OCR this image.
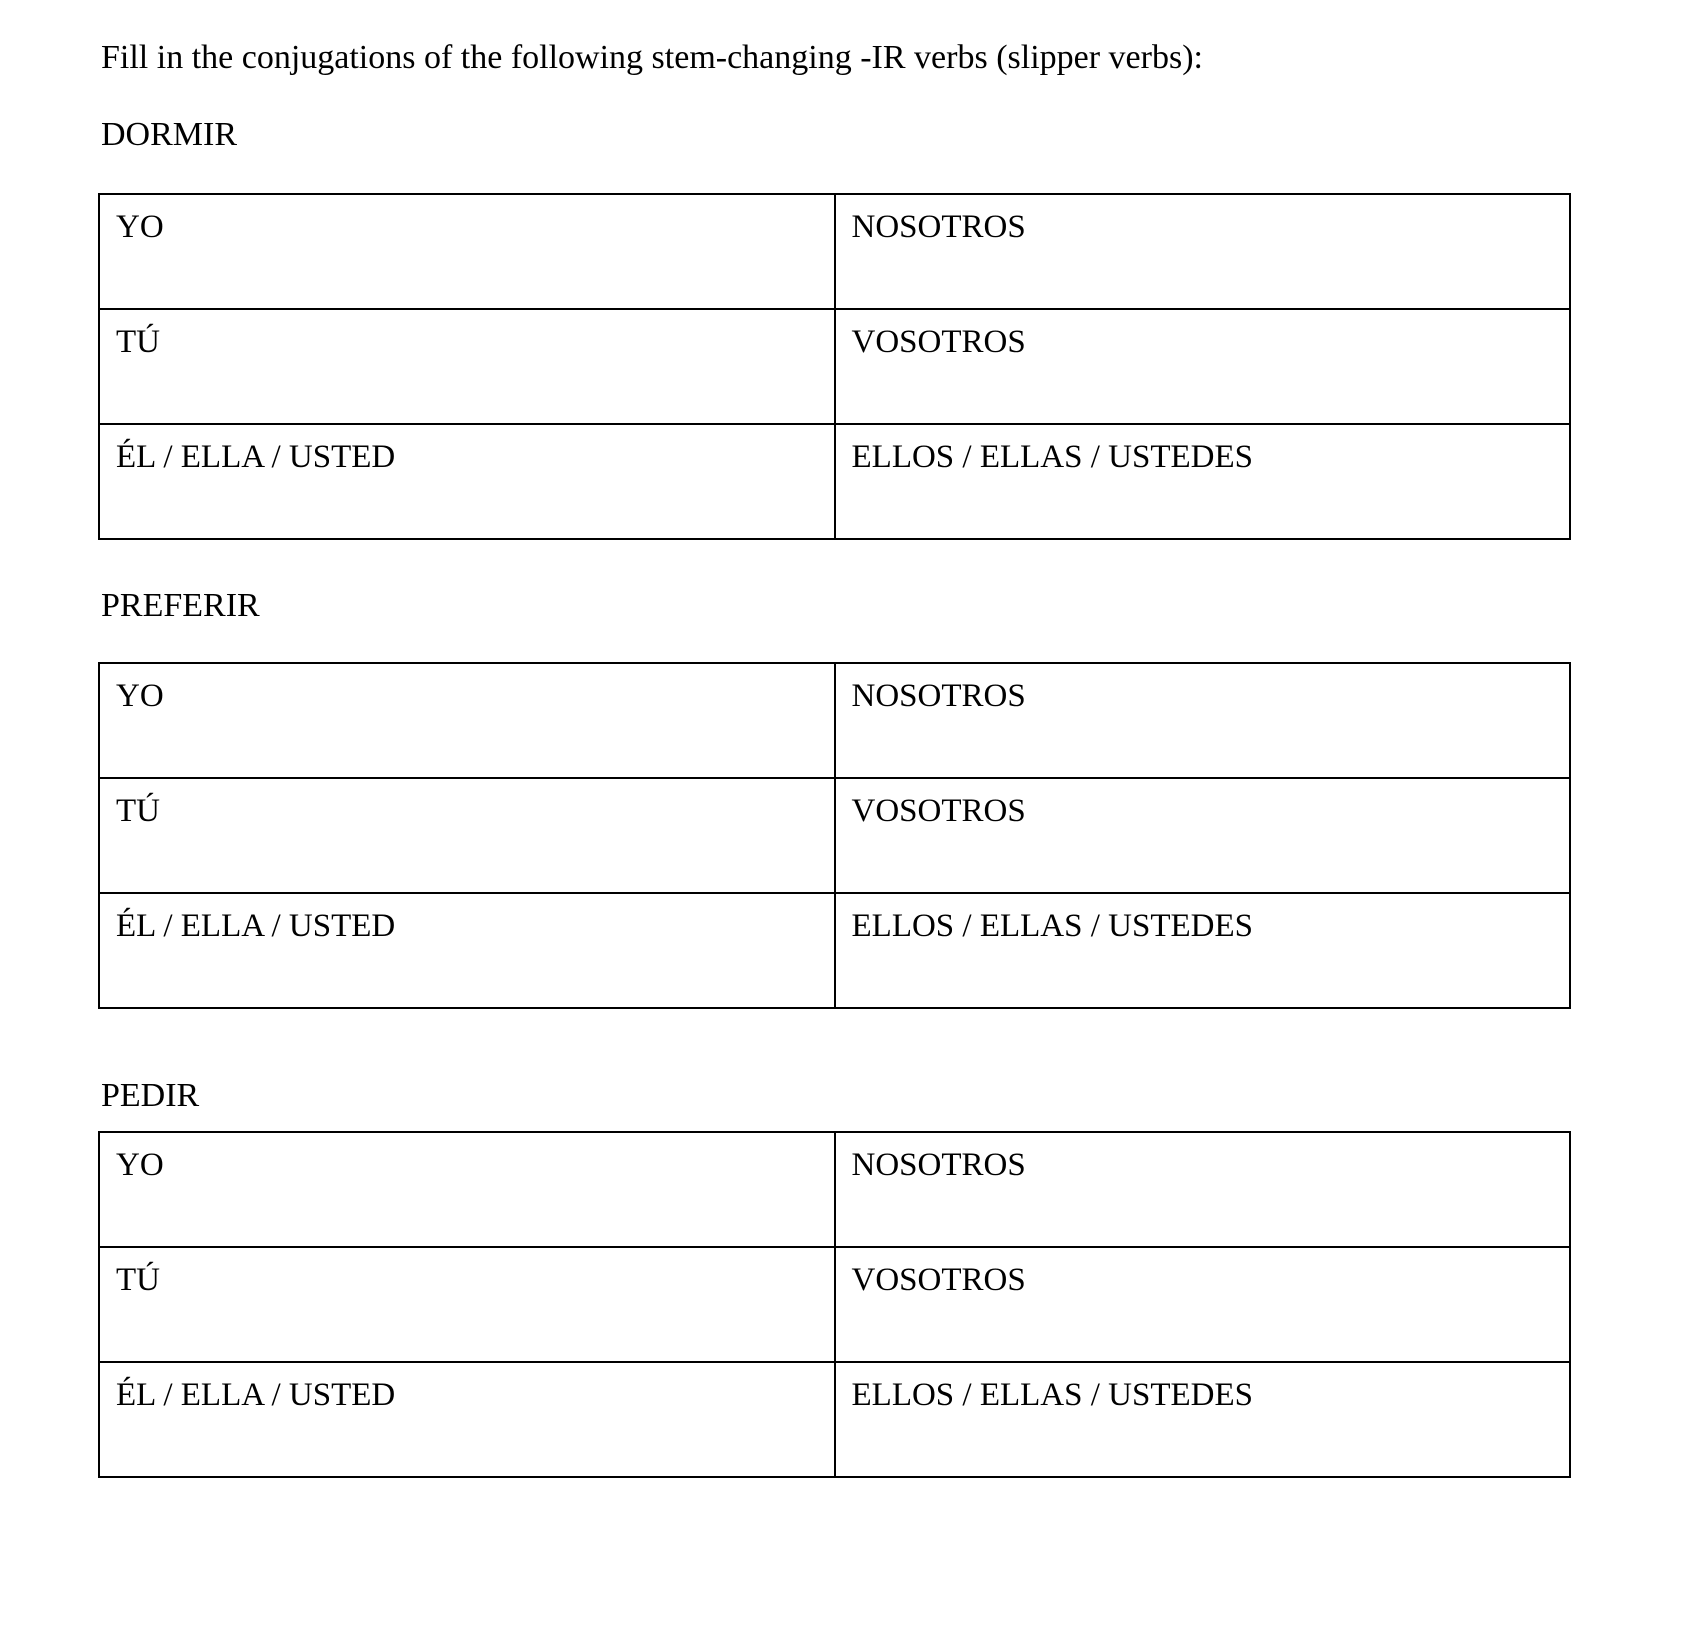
Fill in the conjugations of the following stem-changing -IR verbs (slipper verbs):
DORMIR
YO	NOSOTROS

TÚ	VOSOTROS

ÉL / ELLA / USTED	ELLOS / ELLAS / USTEDES
PREFERIR
YO	NOSOTROS

TÚ	VOSOTROS

ÉL / ELLA / USTED	ELLOS / ELLAS / USTEDES
PEDIR
YO	NOSOTROS

TÚ	VOSOTROS

ÉL / ELLA / USTED	ELLOS / ELLAS / USTEDES
